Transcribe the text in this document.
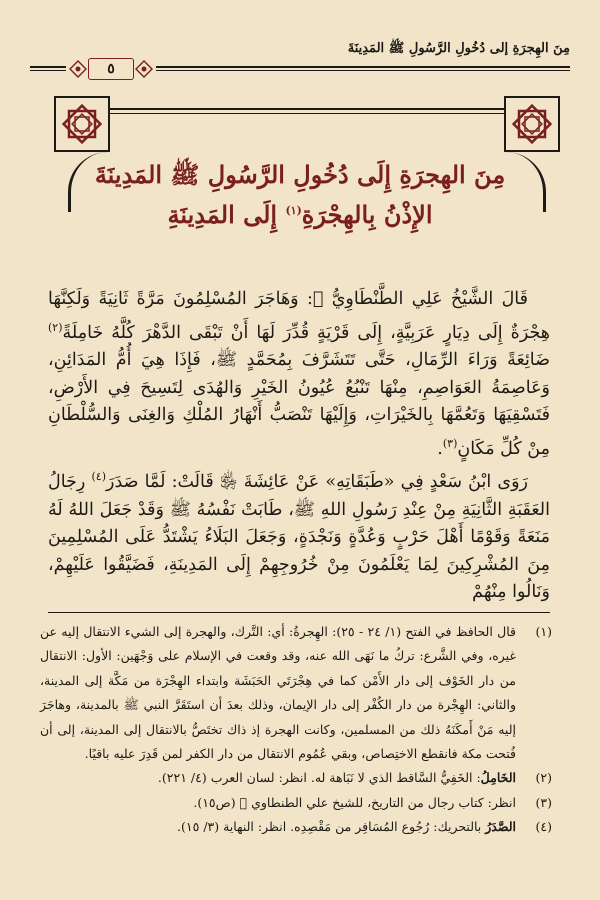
مِنَ الهِجرَةِ إلى دُخُولِ الرَّسُولِ ﷺ المَدِينَةَ
٥
مِنَ الهِجرَةِ إِلَى دُخُولِ الرَّسُولِ ﷺ المَدِينَةَ
الإِذْنُ بِالهِجْرَةِ$^{(١)}$ إِلَى المَدِينَةِ

قَالَ الشَّيْخُ عَلِي الطَّنْطَاوِيُّ ﷬: وَهَاجَرَ المُسْلِمُونَ مَرَّةً ثَانِيَةً وَلَكِنَّهَا هِجْرَةٌ إِلَى دِيَارٍ عَرَبِيَّةٍ، إِلَى قَرْيَةٍ قُدِّرَ لَهَا أَنْ تَبْقَى الدَّهْرَ كُلَّهُ خَامِلَةً$^{(٢)}$ ضَائِعَةً وَرَاءَ الرِّمَالِ، حَتَّى تَتَشَرَّفَ بِمُحَمَّدٍ ﷺ، فَإِذَا هِيَ أُمُّ المَدَائِنِ، وَعَاصِمَةُ العَوَاصِمِ، مِنْهَا تَنْبُعُ عُيُونُ الخَيْرِ وَالهُدَى لِتَسِيحَ فِي الأَرْضِ، فَتَسْقِيَهَا وَتَعُمَّهَا بِالخَيْرَاتِ، وَإِلَيْهَا تَنْصَبُّ أَنْهَارُ المُلْكِ وَالغِنَى وَالسُّلْطَانِ مِنْ كُلِّ مَكَانٍ$^{(٣)}$.

رَوَى ابْنُ سَعْدٍ فِي «طَبَقَاتِهِ» عَنْ عَائِشَةَ ﵂ قَالَتْ: لَمَّا صَدَرَ$^{(٤)}$ رِجَالُ العَقَبَةِ الثَّانِيَةِ مِنْ عِنْدِ رَسُولِ اللهِ ﷺ، طَابَتْ نَفْسُهُ ﷺ وَقَدْ جَعَلَ اللهُ لَهُ مَنَعَةً وَقَوْمًا أَهْلَ حَرْبٍ وَعُدَّةٍ وَنَجْدَةٍ، وَجَعَلَ البَلَاءُ يَشْتَدُّ عَلَى المُسْلِمِينَ مِنَ المُشْرِكِينَ لِمَا يَعْلَمُونَ مِنْ خُرُوجِهِمْ إِلَى المَدِينَةِ، فَضَيَّقُوا عَلَيْهِمْ، وَنَالُوا مِنْهُمْ

(١)
قال الحافظ في الفتح (١/ ٢٤ - ٢٥): الهِجرةُ: أي: التَّرك، والهجرة إلى الشيء الانتقال إليه عن غيره، وفي الشَّرع: تركُ ما نَهَى الله عنه، وقد وقعت في الإسلام على وَجْهَين: الأول: الانتقال من دار الخَوْف إلى دار الأَمْن كما في هِجْرَتَي الحَبَشَة وابتداء الهِجْرَة من مَكَّة إلى المدينة، والثاني: الهِجْرة من دار الكُفْر إلى دار الإيمان، وذلك بعدَ أن استَقَرَّ النبي ﷺ بالمدينة، وهاجَرَ إليه مَنْ أَمكَنَهُ ذلك من المسلمين، وكانت الهجرة إذ ذاك تختَصُّ بالانتقال إلى المدينة، إلى أن فُتحت مكة فانقطع الاختِصاص، وبقي عُمُوم الانتقال من دار الكفر لمن قَدِرَ عليه باقيًا.
(٢)
الخَامِلُ: الخَفِيُّ السَّاقط الذي لا نَبَاهة له. انظر: لسان العرب (٤/ ٢٢١).
(٣)
انظر: كتاب رجال من التاريخ، للشيخ علي الطنطاوي ﷬ (ص١٥).
(٤)
الصَّدَرُ بالتحريك: رُجُوع المُسَافِر من مَقْصِدِه. انظر: النهاية (٣/ ١٥).
